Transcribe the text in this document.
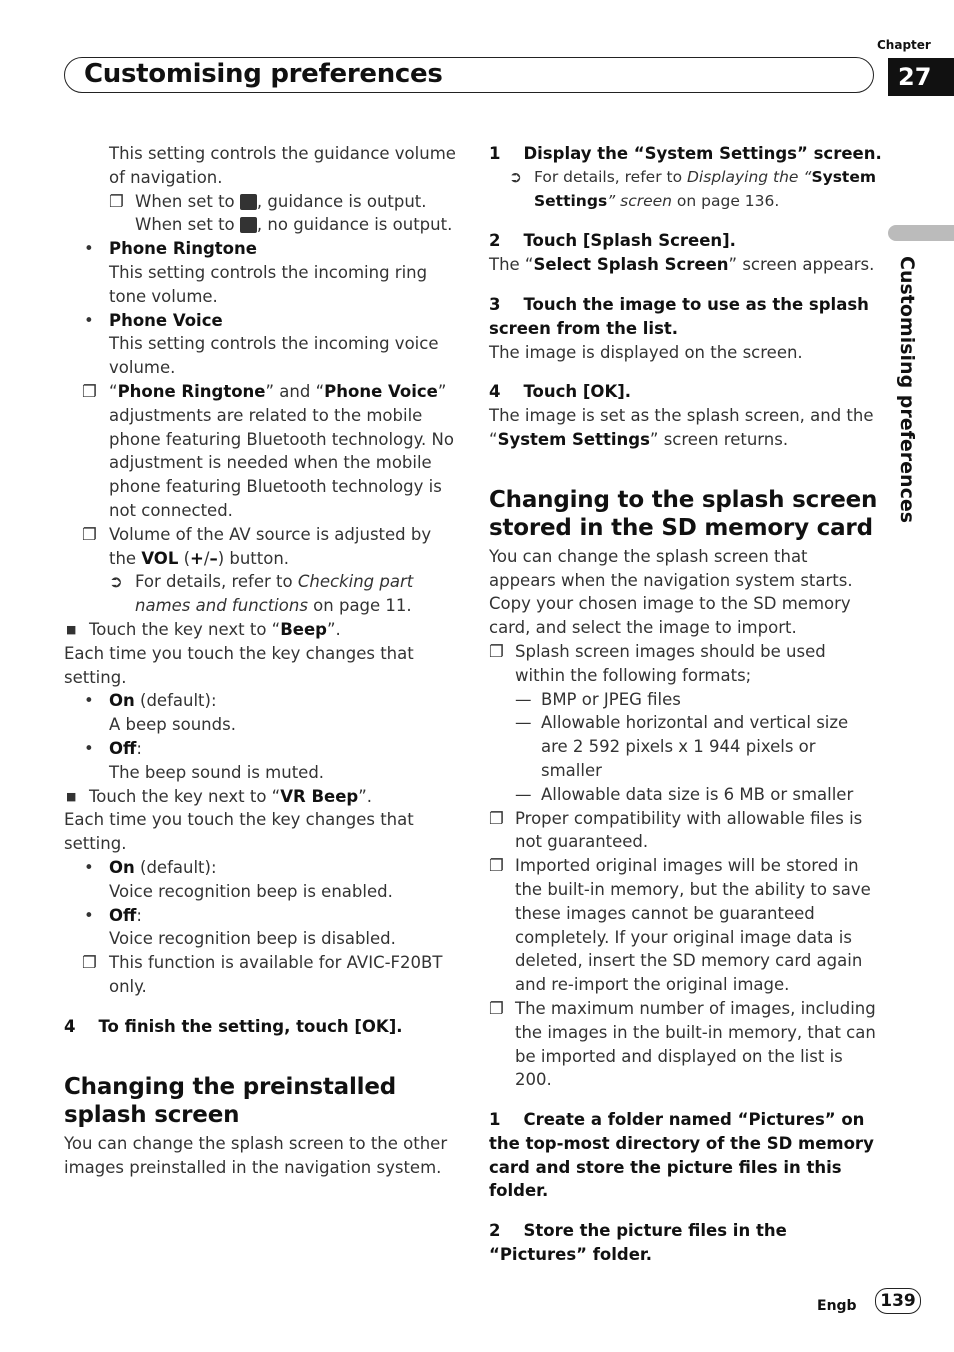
Chapter
27
Customising preferences
Customising preferences

This setting controls the guidance volume of navigation.

❐ When set to , guidance is output.
When set to , no guidance is output.

• Phone Ringtone

This setting controls the incoming ring tone volume.

• Phone Voice

This setting controls the incoming voice volume.

❐ “Phone Ringtone” and “Phone Voice” adjustments are related to the mobile phone featuring Bluetooth technology. No adjustment is needed when the mobile phone featuring Bluetooth technology is not connected.

❐ Volume of the AV source is adjusted by the VOL (+/–) button.

➲ For details, refer to Checking part names and functions on page 11.

■ Touch the key next to “Beep”.

Each time you touch the key changes that setting.

• On (default):

A beep sounds.

• Off:

The beep sound is muted.

■ Touch the key next to “VR Beep”.

Each time you touch the key changes that setting.

• On (default):

Voice recognition beep is enabled.

• Off:

Voice recognition beep is disabled.

❐ This function is available for AVIC-F20BT only.

4    To finish the setting, touch [OK].

Changing the preinstalled splash screen

You can change the splash screen to the other images preinstalled in the navigation system.

1    Display the “System Settings” screen.

➲ For details, refer to Displaying the “System Settings” screen on page 136.

2    Touch [Splash Screen].

The “Select Splash Screen” screen appears.

3    Touch the image to use as the splash screen from the list.

The image is displayed on the screen.

4    Touch [OK].

The image is set as the splash screen, and the “System Settings” screen returns.

Changing to the splash screen stored in the SD memory card

You can change the splash screen that appears when the navigation system starts. Copy your chosen image to the SD memory card, and select the image to import.

❐ Splash screen images should be used within the following formats;

— BMP or JPEG files

— Allowable horizontal and vertical size are 2 592 pixels x 1 944 pixels or smaller

— Allowable data size is 6 MB or smaller

❐ Proper compatibility with allowable files is not guaranteed.

❐ Imported original images will be stored in the built-in memory, but the ability to save these images cannot be guaranteed completely. If your original image data is deleted, insert the SD memory card again and re-import the original image.

❐ The maximum number of images, including the images in the built-in memory, that can be imported and displayed on the list is 200.

1    Create a folder named “Pictures” on the top-most directory of the SD memory card and store the picture files in this folder.

2    Store the picture files in the “Pictures” folder.

Engb	139
